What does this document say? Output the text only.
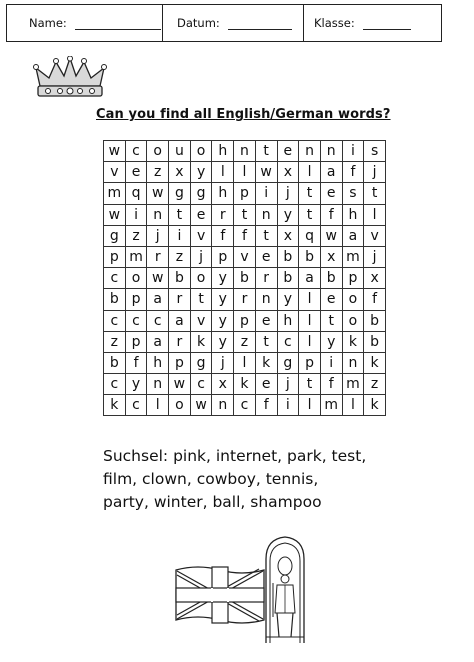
Name:	Datum:	Klasse:
Can you find all English/German words?
w	c	o	u	o	h	n	t	e	n	n	i	s
v	e	z	x	y	l	l	w	x	l	a	f	j
m	q	w	g	g	h	p	i	j	t	e	s	t
w	i	n	t	e	r	t	n	y	t	f	h	l
g	z	j	i	v	f	f	t	x	q	w	a	v
p	m	r	z	j	p	v	e	b	b	x	m	j
c	o	w	b	o	y	b	r	b	a	b	p	x
b	p	a	r	t	y	r	n	y	l	e	o	f
c	c	c	a	v	y	p	e	h	l	t	o	b
z	p	a	r	k	y	z	t	c	l	y	k	b
b	f	h	p	g	j	l	k	g	p	i	n	k
c	y	n	w	c	x	k	e	j	t	f	m	z
k	c	l	o	w	n	c	f	i	l	m	l	k
Suchsel: pink, internet, park, test,
film, clown, cowboy, tennis,
party, winter, ball, shampoo
